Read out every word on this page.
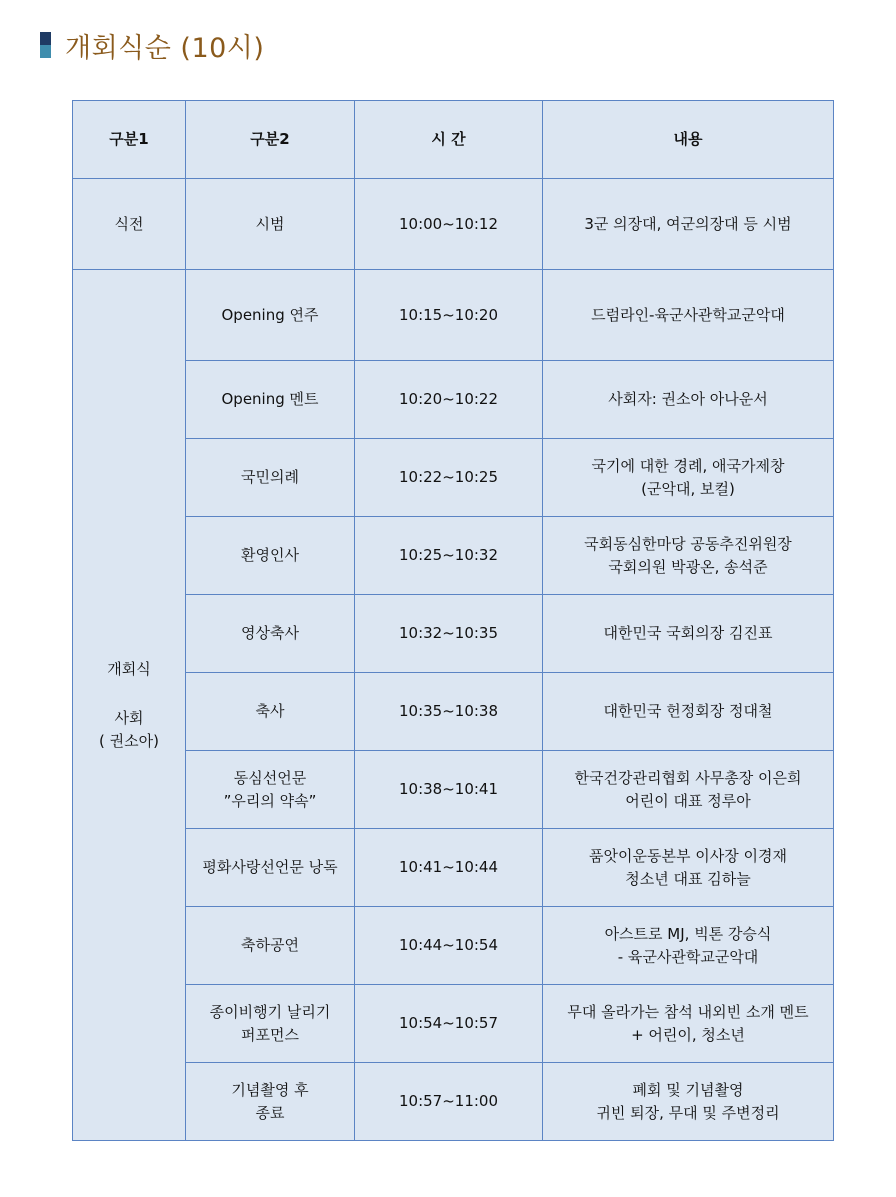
개회식순 (10시)
구분1	구분2	시 간	내용

식전	시범	10:00~10:12	3군 의장대, 여군의장대 등 시범

개회식
사회
( 권소아)	Opening 연주	10:15~10:20	드럼라인-육군사관학교군악대

	Opening 멘트	10:20~10:22	사회자: 권소아 아나운서

	국민의례	10:22~10:25	국기에 대한 경례, 애국가제창
(군악대, 보컬)

	환영인사	10:25~10:32	국회동심한마당 공동추진위원장
국회의원 박광온, 송석준

	영상축사	10:32~10:35	대한민국 국회의장 김진표

	축사	10:35~10:38	대한민국 헌정회장 정대철

	동심선언문
”우리의 약속”	10:38~10:41	한국건강관리협회 사무총장 이은희
어린이 대표 정루아

	평화사랑선언문 낭독	10:41~10:44	품앗이운동본부 이사장 이경재
청소년 대표 김하늘

	축하공연	10:44~10:54	아스트로 MJ, 빅톤 강승식
- 육군사관학교군악대

	종이비행기 날리기
퍼포먼스	10:54~10:57	무대 올라가는 참석 내외빈 소개 멘트
+ 어린이, 청소년

	기념촬영 후
종료	10:57~11:00	폐회 및 기념촬영
귀빈 퇴장, 무대 및 주변정리
